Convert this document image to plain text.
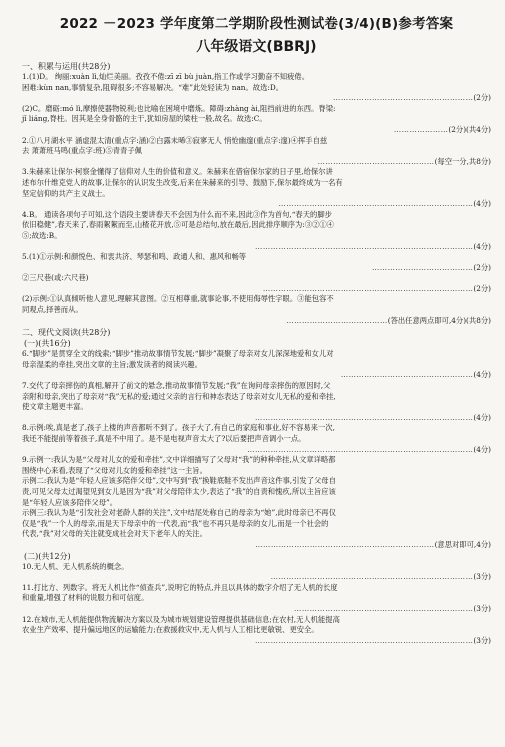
2022 －2023 学年度第二学期阶段性测试卷(3/4)(B)参考答案
八年级语文(BBRJ)
一、积累与运用(共28分)
1.(1)D。 绚丽:xuàn lì,灿烂美丽。孜孜不倦:zī zī bù juàn,指工作或学习勤奋不知疲倦。
困难:kùn nan,事情复杂,阻碍很多;不容易解决。“难”此处轻读为 nan。故选:D。
………………………………………………(2分)
(2)C。磨砺:mó lì,摩擦使器物锐利;也比喻在困境中磨炼。障碍:zhàng ài,阻挡前进的东西。脊梁:
jǐ liáng,脊柱。因其是全身骨骼的主干,犹如房屋的梁柱一般,故名。故选:C。
…………………(2分)(共4分)
2.①八月湖水平 涵虚混太清(重点字:涵)②白露未晞③寂寥无人 悄怆幽邃(重点字:邃)④挥手自兹
去 萧萧班马鸣(重点字:班)⑤青青子佩
………………………………………(每空一分,共8分)
3.朱赫来让保尔·柯察金懂得了信仰对人生的价值和意义。朱赫来在借宿保尔家的日子里,给保尔讲
述布尔什维克党人的故事,让保尔的认识发生改变,后来在朱赫来的引导、鼓励下,保尔最终成为一名有
坚定信仰的共产主义战士。
…………………………………………………………………(4分)
4.B。 通读各项句子可知,这个语段主要讲春天不会因为什么而不来,因此③作为首句,“春天的脚步
依旧稳健”,春天来了,春雨絮絮而至,山楂花开放,⑤可是总结句,放在最后,因此排序顺序为:③②①④
⑤;故选:B。
…………………………………………………………………………(4分)
5.(1)①示例:和颜悦色、和衷共济、琴瑟和鸣、政通人和、惠风和畅等
…………………………………(2分)
②三尺巷(或:六尺巷)
………………………………………………………………………(2分)
(2)示例:①认真倾听他人意见,理解其意图。②互相尊重,就事论事,不使用侮辱性字眼。③能包容不
同观点,择善而从。
…………………………………(答出任意两点即可,4分)(共8分)
二、现代文阅读(共28分)
(一)(共16分)
6.“脚步”是贯穿全文的线索;“脚步”推动故事情节发展;“脚步”凝聚了母亲对女儿深深地爱和女儿对
母亲湿柔的牵挂,突出文章的主旨;激发读者的阅读兴趣。
……………………………………………(4分)
7.交代了母亲摔伤的真相,解开了前文的悬念,推动故事情节发展;“我”在询问母亲摔伤的原因时,父
亲附和母亲,突出了母亲对“我”无私的爱;通过父亲的言行和神态表达了母亲对女儿无私的爱和牵挂,
使文章主题更丰富。
…………………………………………………………………………(4分)
8.示例:唉,真是老了,孩子上楼的声音都听不到了。孩子大了,有自己的家庭和事业,好不容易来一次,
我还不能提前等着孩子,真是不中用了。是不是电视声音太大了?以后要把声音调小一点。
……………………………………………………………………………(4分)
9.示例一:我认为是“父母对儿女的爱和牵挂”,文中详细描写了父母对“我”的种种牵挂,从文章详略都
围绕中心来看,表现了“父母对儿女的爱和牵挂”这一主旨。
示例二:我认为是“年轻人应该多陪伴父母”,文中写到“我”换鞋底鞋不发出声音这件事,引发了父母自
责,可见父母太过渴望见到女儿是因为“我”对父母陪伴太少,表达了“我”的自责和愧疚,所以主旨应该
是“年轻人应该多陪伴父母”。
示例三:我认为是“引发社会对老龄人群的关注”,文中结尾处称自己的母亲为“她”,此时母亲已不再仅
仅是“我”一个人的母亲,而是天下母亲中的一代表,而“我”也不再只是母亲的女儿,而是一个社会的
代表,“我”对父母的关注就变成社会对天下老年人的关注。
……………………………………………………………(意思对即可,4分)
(二)(共12分)
10.无人机、无人机系统的概念。
……………………………………………………………………(3分)
11.打比方、列数字。将无人机比作“侦查兵”,说明它的特点,并且以具体的数字介绍了无人机的长度
和重量,增强了材料的说服力和可信度。
……………………………………………………………(3分)
12.在城市,无人机能提供物流解决方案以及为城市规划建设管理提供基础信息;在农村,无人机能提高
农业生产效率、提升偏远地区的运输能力;在救援救灾中,无人机与人工相比更敏锐、更安全。
…………………………………………………………………………(3分)
